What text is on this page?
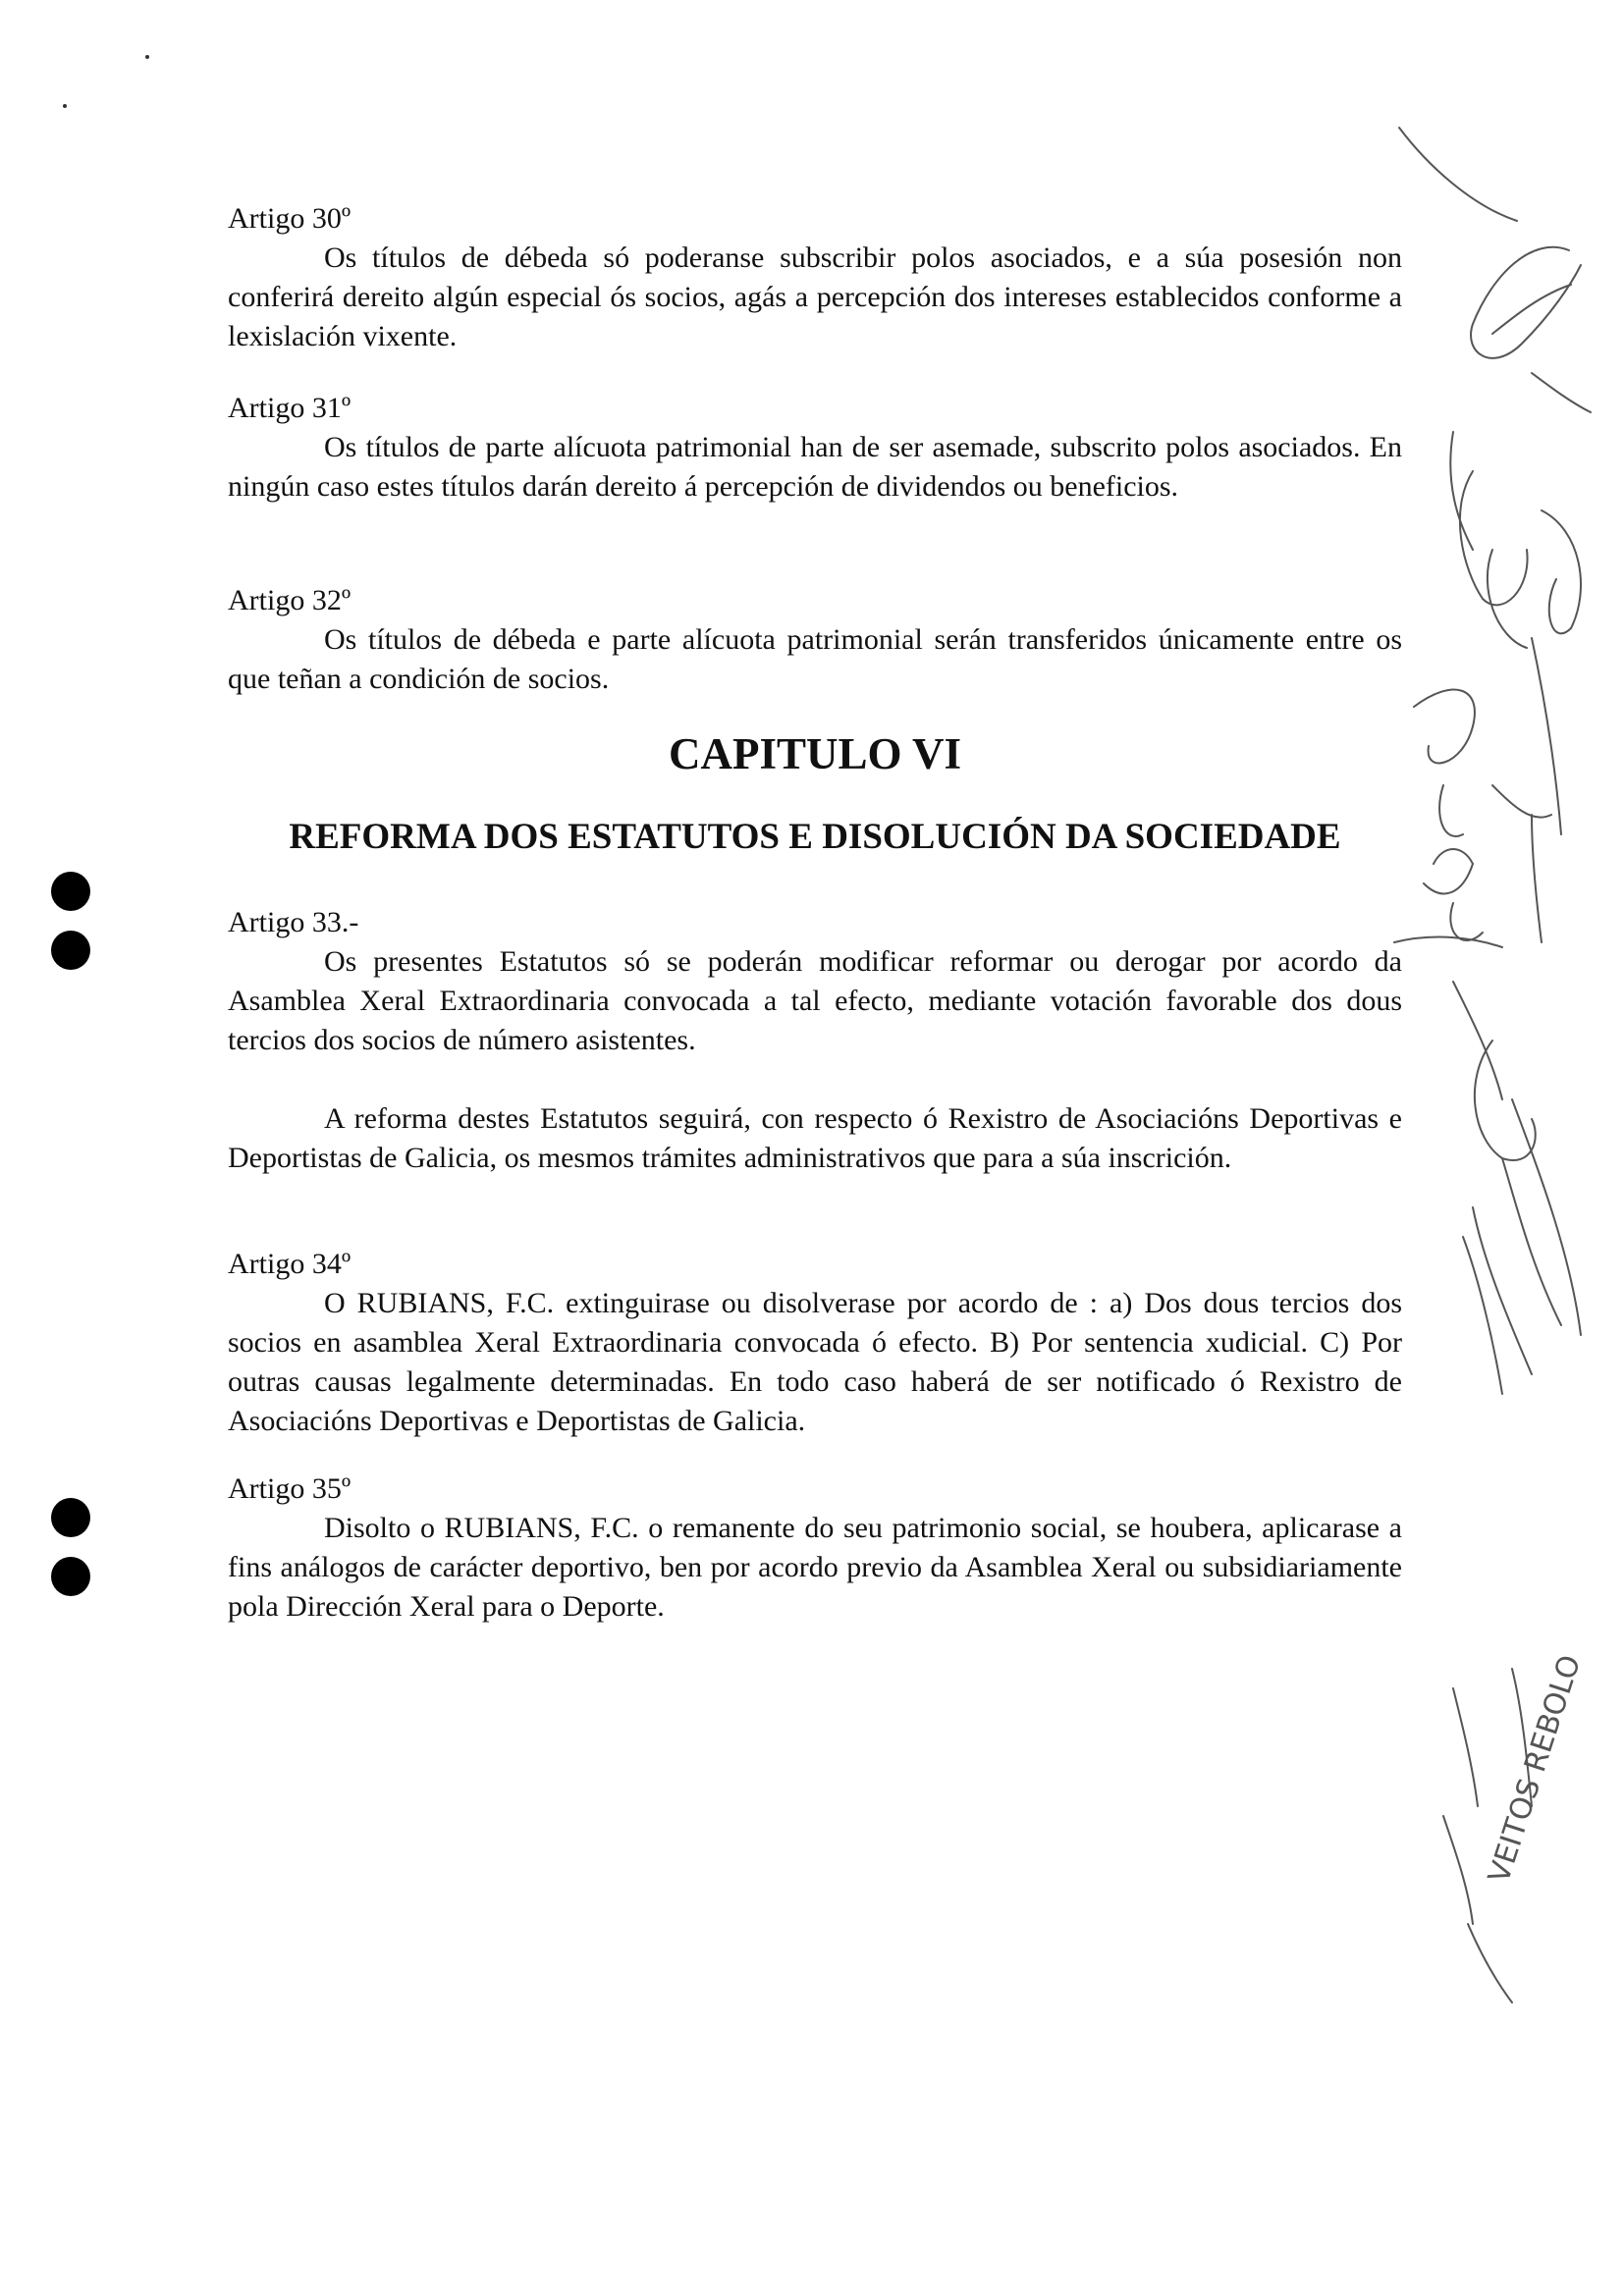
Artigo 30º

Os títulos de débeda só poderanse subscribir polos asociados, e a súa posesión non conferirá dereito algún especial ós socios, agás a percepción dos intereses establecidos conforme a lexislación vixente.

Artigo 31º

Os títulos de parte alícuota patrimonial han de ser asemade, subscrito polos asociados. En ningún caso estes títulos darán dereito á percepción de dividendos ou beneficios.

Artigo 32º

Os títulos de débeda e parte alícuota patrimonial serán transferidos únicamente entre os que teñan a condición de socios.

CAPITULO VI
REFORMA DOS ESTATUTOS E DISOLUCIÓN DA SOCIEDADE

Artigo 33.-

Os presentes Estatutos só se poderán modificar reformar ou derogar por acordo da Asamblea Xeral Extraordinaria convocada a tal efecto, mediante votación favorable dos dous tercios dos socios de número asistentes.

A reforma destes Estatutos seguirá, con respecto ó Rexistro de Asociacións Deportivas e Deportistas de Galicia, os mesmos trámites administrativos que para a súa inscrición.

Artigo 34º

O RUBIANS, F.C. extinguirase ou disolverase por acordo de : a) Dos dous tercios dos socios en asamblea Xeral Extraordinaria convocada ó efecto. B) Por sentencia xudicial. C) Por outras causas legalmente determinadas. En todo caso haberá de ser notificado ó Rexistro de Asociacións Deportivas e Deportistas de Galicia.

Artigo 35º

Disolto o RUBIANS, F.C. o remanente do seu patrimonio social, se houbera, aplicarase a fins análogos de carácter deportivo, ben por acordo previo da Asamblea Xeral ou subsidiariamente pola Dirección Xeral para o Deporte.

VEITOS REBOLO
